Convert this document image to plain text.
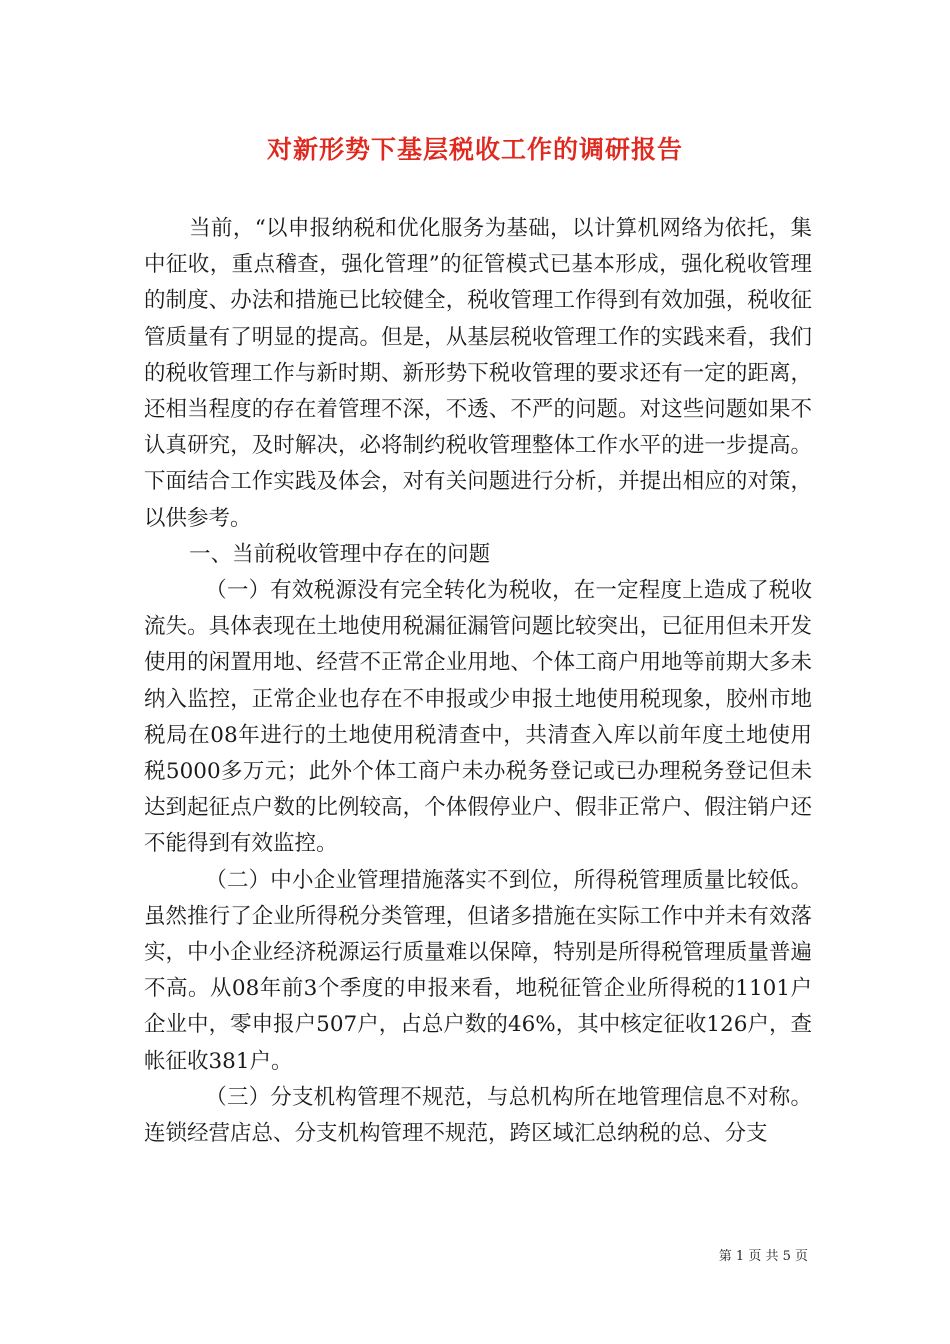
对新形势下基层税收工作的调研报告

当前，“以申报纳税和优化服务为基础，以计算机网络为依托，集中征收，重点稽查，强化管理”的征管模式已基本形成，强化税收管理的制度、办法和措施已比较健全，税收管理工作得到有效加强，税收征管质量有了明显的提高。但是，从基层税收管理工作的实践来看，我们的税收管理工作与新时期、新形势下税收管理的要求还有一定的距离，还相当程度的存在着管理不深，不透、不严的问题。对这些问题如果不认真研究，及时解决，必将制约税收管理整体工作水平的进一步提高。下面结合工作实践及体会，对有关问题进行分析，并提出相应的对策，以供参考。

一、当前税收管理中存在的问题

（一）有效税源没有完全转化为税收，在一定程度上造成了税收流失。具体表现在土地使用税漏征漏管问题比较突出，已征用但未开发使用的闲置用地、经营不正常企业用地、个体工商户用地等前期大多未纳入监控，正常企业也存在不申报或少申报土地使用税现象，胶州市地税局在08年进行的土地使用税清查中，共清查入库以前年度土地使用税5000多万元；此外个体工商户未办税务登记或已办理税务登记但未达到起征点户数的比例较高，个体假停业户、假非正常户、假注销户还不能得到有效监控。

（二）中小企业管理措施落实不到位，所得税管理质量比较低。虽然推行了企业所得税分类管理，但诸多措施在实际工作中并未有效落实，中小企业经济税源运行质量难以保障，特别是所得税管理质量普遍不高。从08年前3个季度的申报来看，地税征管企业所得税的1101户企业中，零申报户507户，占总户数的46%，其中核定征收126户，查帐征收381户。

（三）分支机构管理不规范，与总机构所在地管理信息不对称。连锁经营店总、分支机构管理不规范，跨区域汇总纳税的总、分支

第 1 页 共 5 页
